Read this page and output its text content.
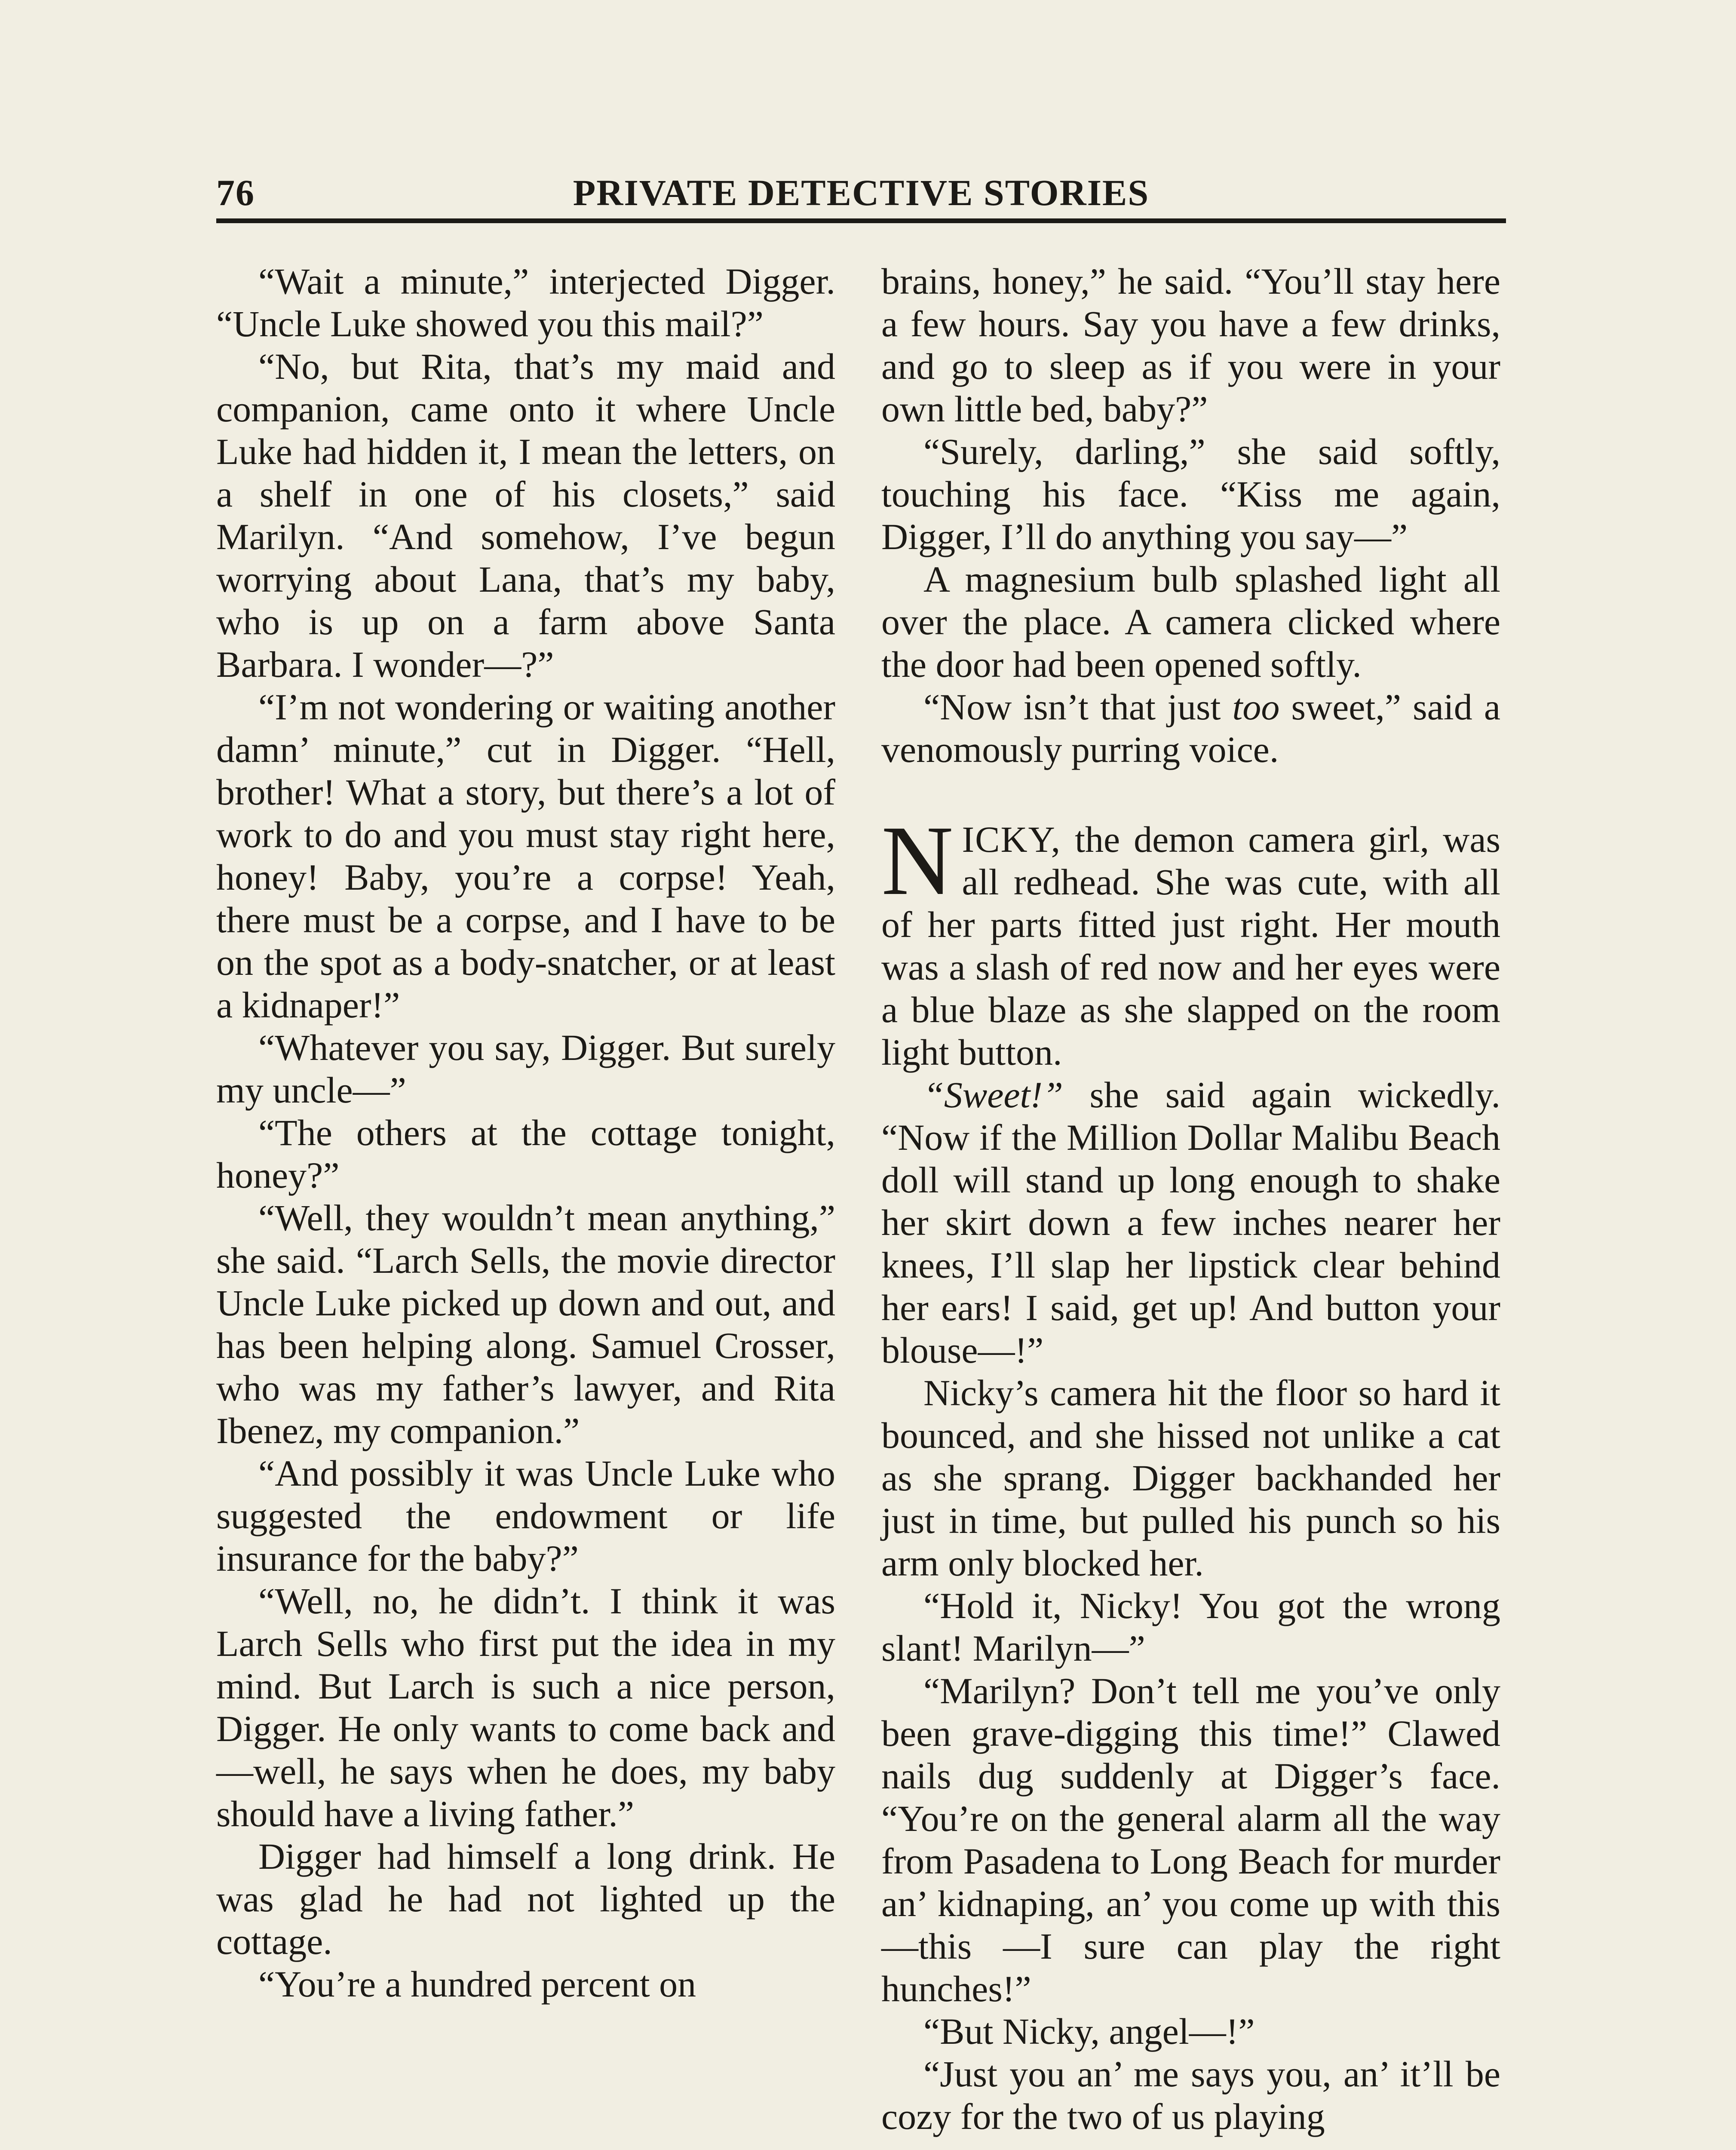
76	PRIVATE DETECTIVE STORIES

“Wait a minute,” interjected Digger. “Uncle Luke showed you this mail?”

“No, but Rita, that’s my maid and companion, came onto it where Uncle Luke had hidden it, I mean the letters, on a shelf in one of his closets,” said Marilyn. “And somehow, I’ve begun worrying about Lana, that’s my baby, who is up on a farm above Santa Barbara. I wonder—?”

“I’m not wondering or waiting another damn’ minute,” cut in Digger. “Hell, brother! What a story, but there’s a lot of work to do and you must stay right here, honey! Baby, you’re a corpse! Yeah, there must be a corpse, and I have to be on the spot as a body-snatcher, or at least a kidnaper!”

“Whatever you say, Digger. But surely my uncle—”

“The others at the cottage tonight, honey?”

“Well, they wouldn’t mean anything,” she said. “Larch Sells, the movie director Uncle Luke picked up down and out, and has been helping along. Samuel Crosser, who was my father’s lawyer, and Rita Ibenez, my companion.”

“And possibly it was Uncle Luke who suggested the endowment or life insurance for the baby?”

“Well, no, he didn’t. I think it was Larch Sells who first put the idea in my mind. But Larch is such a nice person, Digger. He only wants to come back and—well, he says when he does, my baby should have a living father.”

Digger had himself a long drink. He was glad he had not lighted up the cottage.

“You’re a hundred percent on

brains, honey,” he said. “You’ll stay here a few hours. Say you have a few drinks, and go to sleep as if you were in your own little bed, baby?”

“Surely, darling,” she said softly, touching his face. “Kiss me again, Digger, I’ll do anything you say—”

A magnesium bulb splashed light all over the place. A camera clicked where the door had been opened softly.

“Now isn’t that just too sweet,” said a venomously purring voice.

NICKY, the demon camera girl, was all redhead. She was cute, with all of her parts fitted just right. Her mouth was a slash of red now and her eyes were a blue blaze as she slapped on the room light button.

“Sweet!” she said again wickedly. “Now if the Million Dollar Malibu Beach doll will stand up long enough to shake her skirt down a few inches nearer her knees, I’ll slap her lipstick clear behind her ears! I said, get up! And button your blouse—!”

Nicky’s camera hit the floor so hard it bounced, and she hissed not unlike a cat as she sprang. Digger backhanded her just in time, but pulled his punch so his arm only blocked her.

“Hold it, Nicky! You got the wrong slant! Marilyn—”

“Marilyn? Don’t tell me you’ve only been grave-digging this time!” Clawed nails dug suddenly at Digger’s face. “You’re on the general alarm all the way from Pasadena to Long Beach for murder an’ kidnaping, an’ you come up with this—this —I sure can play the right hunches!”

“But Nicky, angel—!”

“Just you an’ me says you, an’ it’ll be cozy for the two of us playing
